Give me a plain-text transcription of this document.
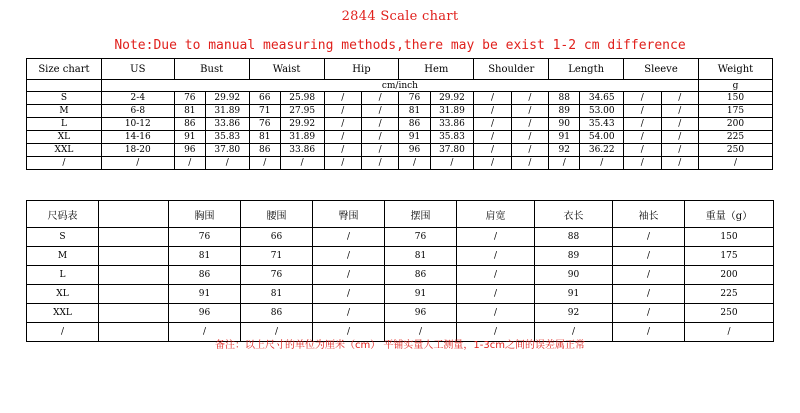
2844 Scale chart
Note:Due to manual measuring methods,there may be exist 1-2 cm difference
Size chart	US	Bust		Waist		Hip		Hem		Shoulder		Length		Sleeve		Weight
	cm/inch															g
S	2-4	76	29.92	66	25.98	/	/	76	29.92	/	/	88	34.65	/	/	150
M	6-8	81	31.89	71	27.95	/	/	81	31.89	/	/	89	53.00	/	/	175
L	10-12	86	33.86	76	29.92	/	/	86	33.86	/	/	90	35.43	/	/	200
XL	14-16	91	35.83	81	31.89	/	/	91	35.83	/	/	91	54.00	/	/	225
XXL	18-20	96	37.80	86	33.86	/	/	96	37.80	/	/	92	36.22	/	/	250
/	/	/	/	/	/	/	/	/	/	/	/	/	/	/	/	/
尺码表		胸围	腰围	臀围	摆围	肩宽	衣长	袖长	重量（g）
S		76	66	/	76	/	88	/	150
M		81	71	/	81	/	89	/	175
L		86	76	/	86	/	90	/	200
XL		91	81	/	91	/	91	/	225
XXL		96	86	/	96	/	92	/	250
/		/	/	/	/	/	/	/	/
备注：以上尺寸的单位为厘米（cm） 平铺实量人工测量，1-3cm之间的误差属正常
